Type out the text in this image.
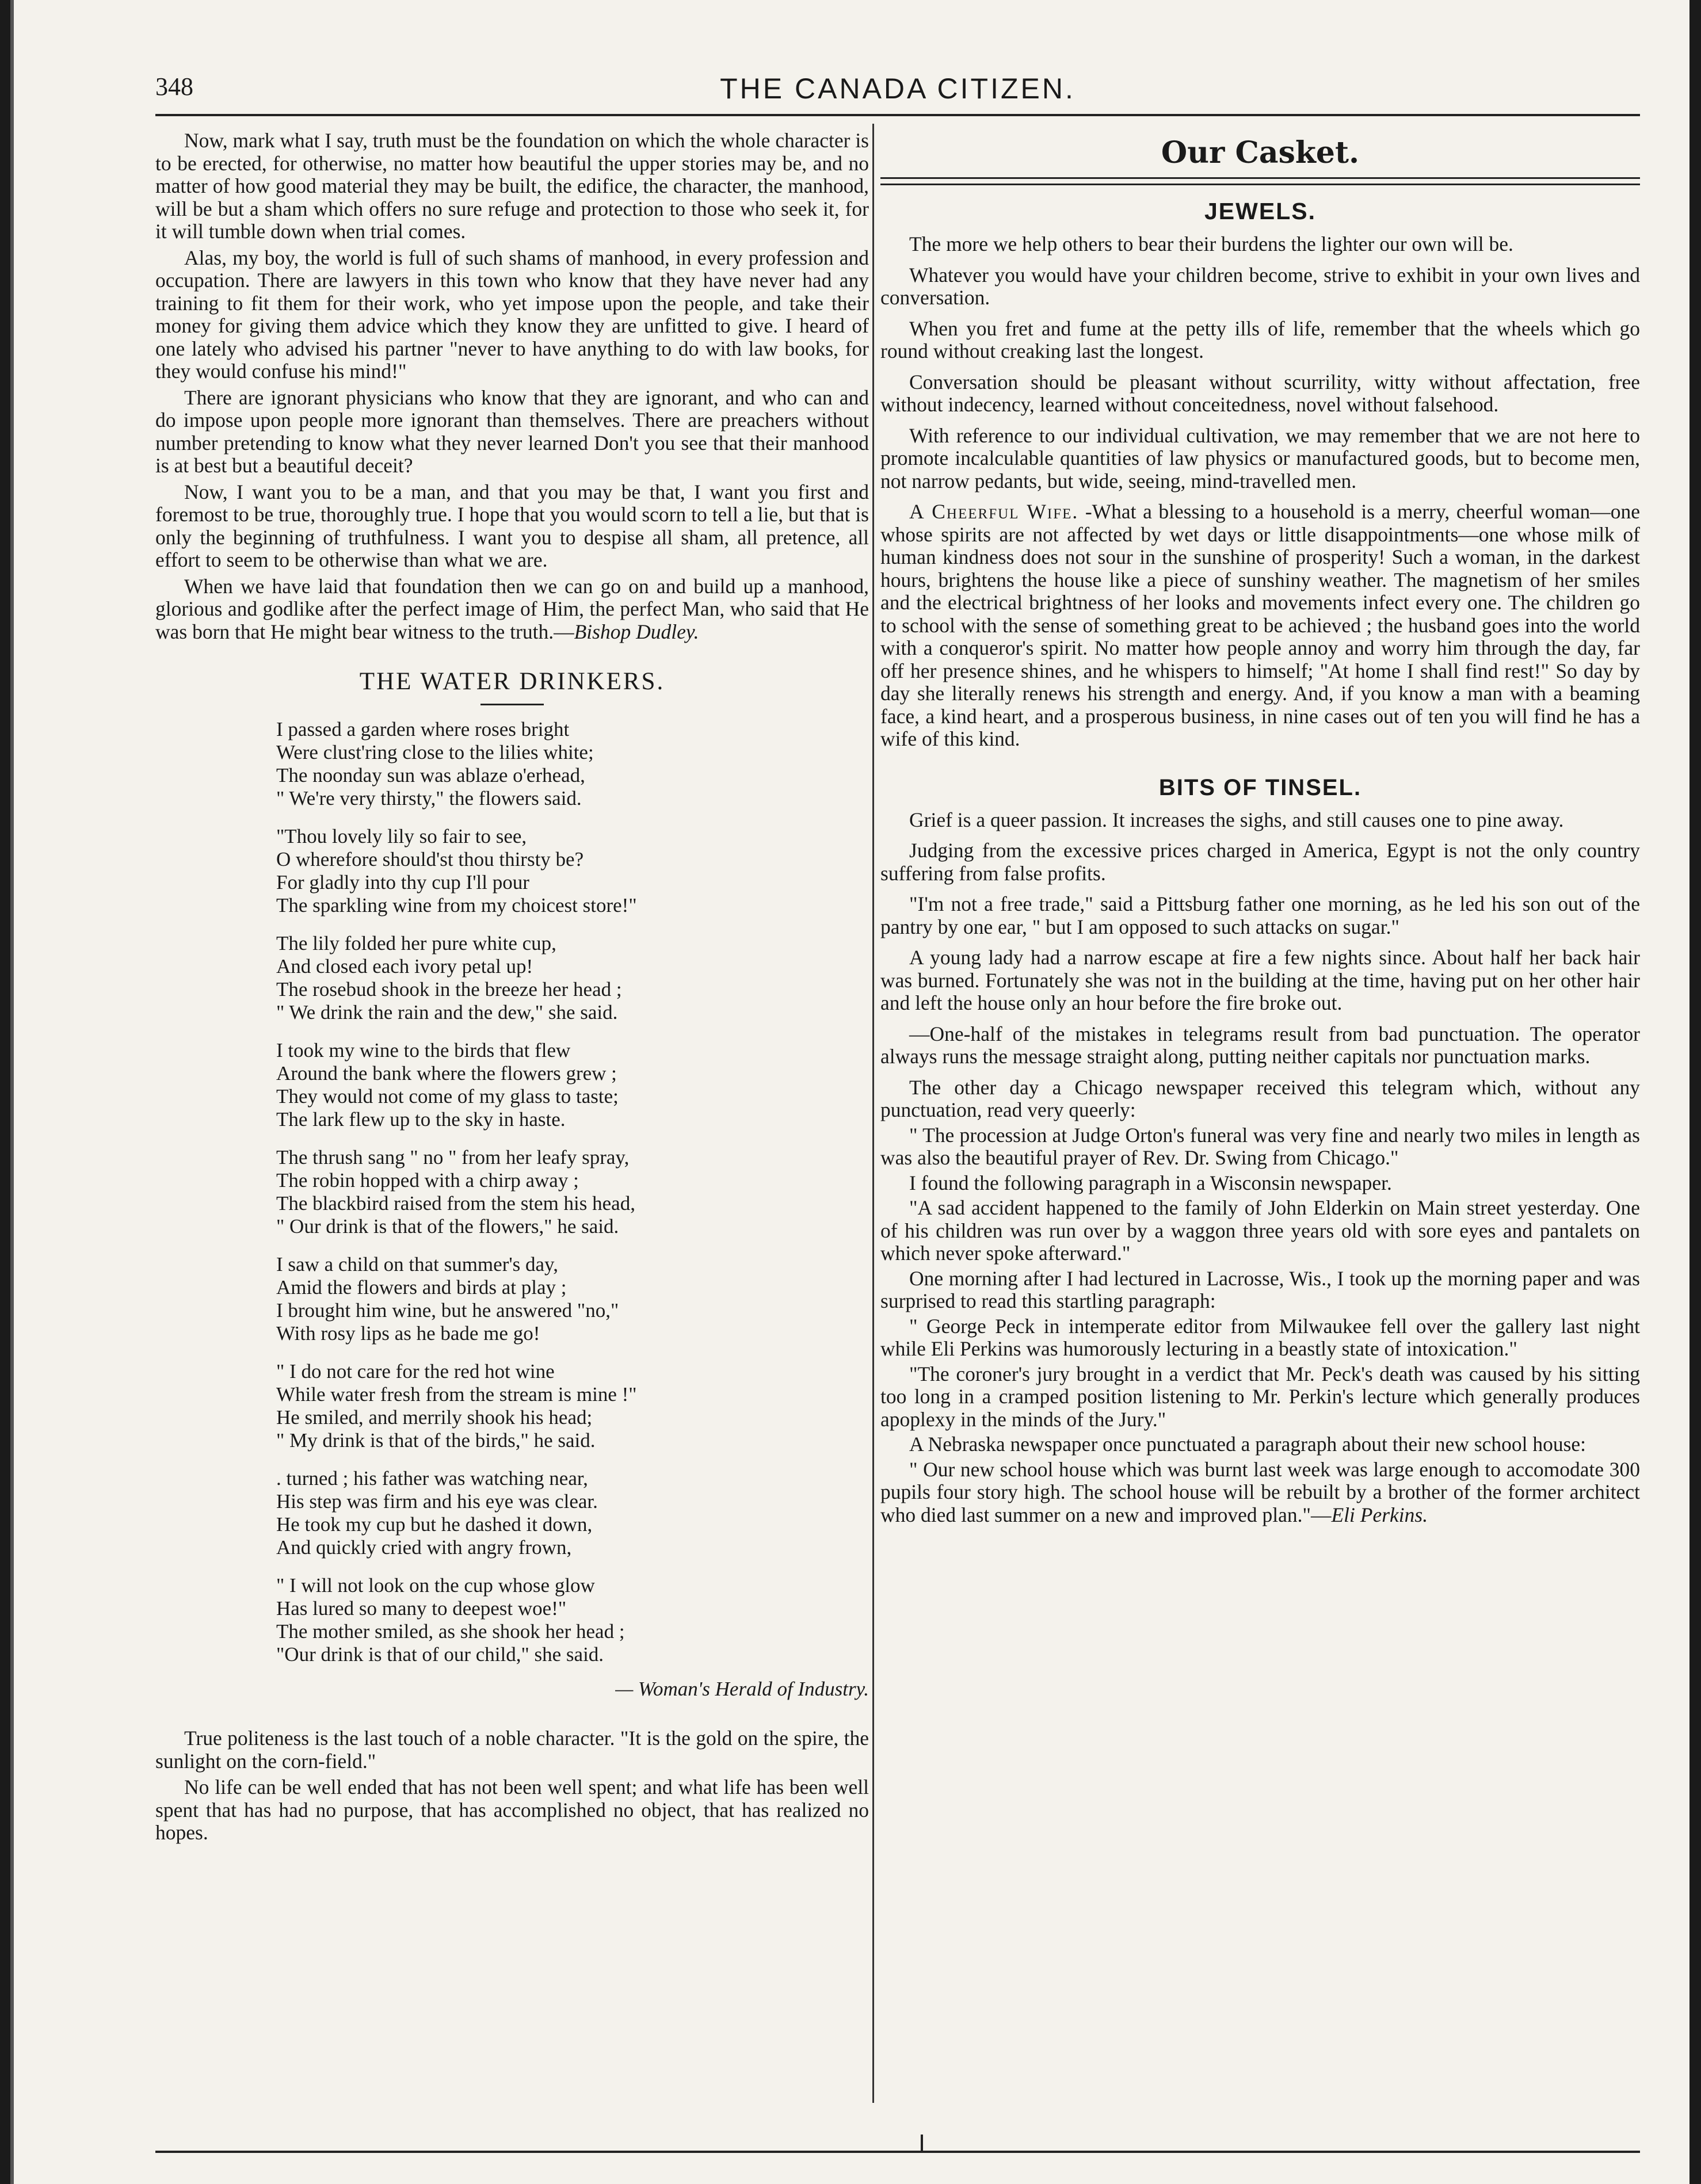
348	THE CANADA CITIZEN.

Now, mark what I say, truth must be the foundation on which the whole character is to be erected, for otherwise, no matter how beautiful the upper stories may be, and no matter of how good material they may be built, the edifice, the character, the manhood, will be but a sham which offers no sure refuge and protection to those who seek it, for it will tumble down when trial comes.

Alas, my boy, the world is full of such shams of manhood, in every profession and occupation. There are lawyers in this town who know that they have never had any training to fit them for their work, who yet impose upon the people, and take their money for giving them advice which they know they are unfitted to give. I heard of one lately who advised his partner "never to have anything to do with law books, for they would confuse his mind!"

There are ignorant physicians who know that they are ignorant, and who can and do impose upon people more ignorant than themselves. There are preachers without number pretending to know what they never learned Don't you see that their manhood is at best but a beautiful deceit?

Now, I want you to be a man, and that you may be that, I want you first and foremost to be true, thoroughly true. I hope that you would scorn to tell a lie, but that is only the beginning of truthfulness. I want you to despise all sham, all pretence, all effort to seem to be otherwise than what we are.

When we have laid that foundation then we can go on and build up a manhood, glorious and godlike after the perfect image of Him, the perfect Man, who said that He was born that He might bear witness to the truth.—Bishop Dudley.

THE WATER DRINKERS.
I passed a garden where roses bright
Were clust'ring close to the lilies white;
The noonday sun was ablaze o'erhead,
" We're very thirsty," the flowers said.
"Thou lovely lily so fair to see,
O wherefore should'st thou thirsty be?
For gladly into thy cup I'll pour
The sparkling wine from my choicest store!"
The lily folded her pure white cup,
And closed each ivory petal up!
The rosebud shook in the breeze her head ;
" We drink the rain and the dew," she said.
I took my wine to the birds that flew
Around the bank where the flowers grew ;
They would not come of my glass to taste;
The lark flew up to the sky in haste.
The thrush sang " no " from her leafy spray,
The robin hopped with a chirp away ;
The blackbird raised from the stem his head,
" Our drink is that of the flowers," he said.
I saw a child on that summer's day,
Amid the flowers and birds at play ;
I brought him wine, but he answered "no,"
With rosy lips as he bade me go!
" I do not care for the red hot wine
While water fresh from the stream is mine !"
He smiled, and merrily shook his head;
" My drink is that of the birds," he said.
. turned ; his father was watching near,
His step was firm and his eye was clear.
He took my cup but he dashed it down,
And quickly cried with angry frown,
" I will not look on the cup whose glow
Has lured so many to deepest woe!"
The mother smiled, as she shook her head ;
"Our drink is that of our child," she said.
— Woman's Herald of Industry.

True politeness is the last touch of a noble character. "It is the gold on the spire, the sunlight on the corn-field."

No life can be well ended that has not been well spent; and what life has been well spent that has had no purpose, that has accomplished no object, that has realized no hopes.

Our Casket.
JEWELS.

The more we help others to bear their burdens the lighter our own will be.

Whatever you would have your children become, strive to exhibit in your own lives and conversation.

When you fret and fume at the petty ills of life, remember that the wheels which go round without creaking last the longest.

Conversation should be pleasant without scurrility, witty without affectation, free without indecency, learned without conceitedness, novel without falsehood.

With reference to our individual cultivation, we may remember that we are not here to promote incalculable quantities of law physics or manufactured goods, but to become men, not narrow pedants, but wide, seeing, mind-travelled men.

A Cheerful Wife. -What a blessing to a household is a merry, cheerful woman—one whose spirits are not affected by wet days or little disappointments—one whose milk of human kindness does not sour in the sunshine of prosperity! Such a woman, in the darkest hours, brightens the house like a piece of sunshiny weather. The magnetism of her smiles and the electrical brightness of her looks and movements infect every one. The children go to school with the sense of something great to be achieved ; the husband goes into the world with a conqueror's spirit. No matter how people annoy and worry him through the day, far off her presence shines, and he whispers to himself; "At home I shall find rest!" So day by day she literally renews his strength and energy. And, if you know a man with a beaming face, a kind heart, and a prosperous business, in nine cases out of ten you will find he has a wife of this kind.

BITS OF TINSEL.

Grief is a queer passion. It increases the sighs, and still causes one to pine away.

Judging from the excessive prices charged in America, Egypt is not the only country suffering from false profits.

"I'm not a free trade," said a Pittsburg father one morning, as he led his son out of the pantry by one ear, " but I am opposed to such attacks on sugar."

A young lady had a narrow escape at fire a few nights since. About half her back hair was burned. Fortunately she was not in the building at the time, having put on her other hair and left the house only an hour before the fire broke out.

—One-half of the mistakes in telegrams result from bad punctuation. The operator always runs the message straight along, putting neither capitals nor punctuation marks.

The other day a Chicago newspaper received this telegram which, without any punctuation, read very queerly:

" The procession at Judge Orton's funeral was very fine and nearly two miles in length as was also the beautiful prayer of Rev. Dr. Swing from Chicago."

I found the following paragraph in a Wisconsin newspaper.

"A sad accident happened to the family of John Elderkin on Main street yesterday. One of his children was run over by a waggon three years old with sore eyes and pantalets on which never spoke afterward."

One morning after I had lectured in Lacrosse, Wis., I took up the morning paper and was surprised to read this startling paragraph:

" George Peck in intemperate editor from Milwaukee fell over the gallery last night while Eli Perkins was humorously lecturing in a beastly state of intoxication."

"The coroner's jury brought in a verdict that Mr. Peck's death was caused by his sitting too long in a cramped position listening to Mr. Perkin's lecture which generally produces apoplexy in the minds of the Jury."

A Nebraska newspaper once punctuated a paragraph about their new school house:

" Our new school house which was burnt last week was large enough to accomodate 300 pupils four story high. The school house will be rebuilt by a brother of the former architect who died last summer on a new and improved plan."—Eli Perkins.
